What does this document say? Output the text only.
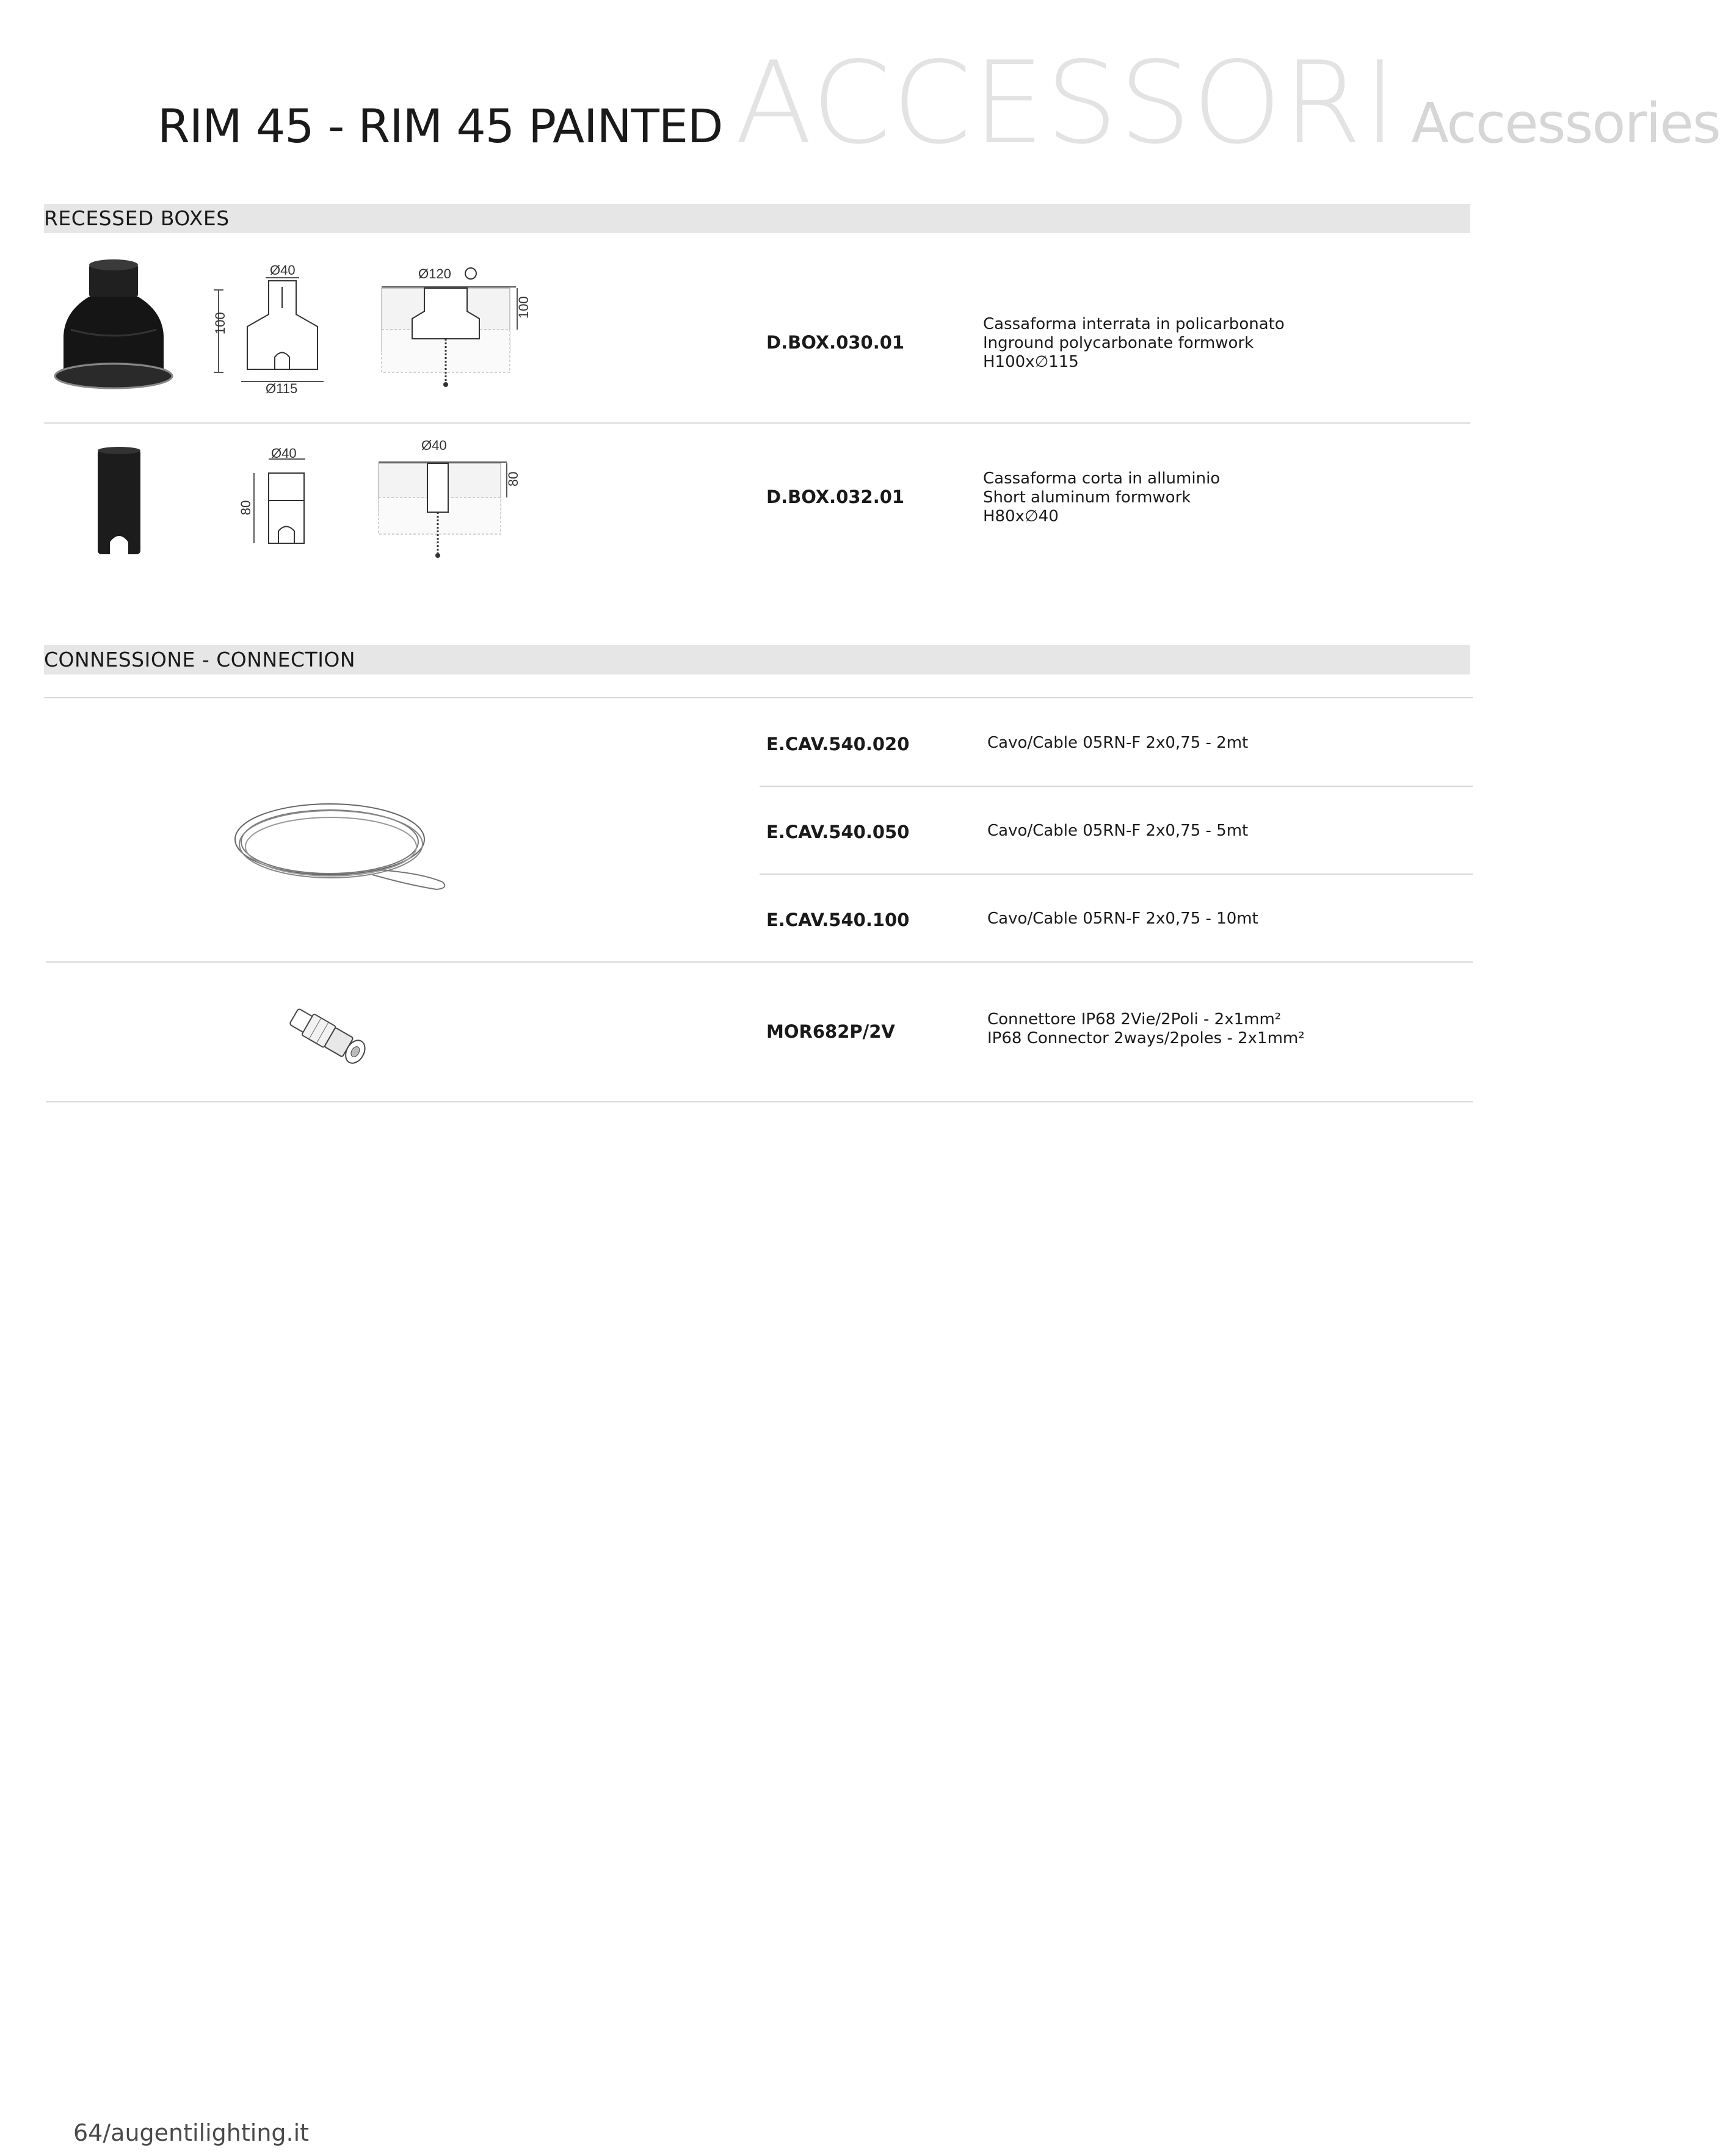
RIM 45 - RIM 45 PAINTED ACCESSORI Accessories
RECESSED BOXES
100
Ø40
Ø115
Ø120
100
D.BOX.030.01
Cassaforma interrata in policarbonato
Inground polycarbonate formwork
H100x∅115
Ø40
80
Ø40
80
D.BOX.032.01
Cassaforma corta in alluminio
Short aluminum formwork
H80x∅40
CONNESSIONE - CONNECTION
E.CAV.540.020	Cavo/Cable 05RN-F 2x0,75 - 2mt
E.CAV.540.050	Cavo/Cable 05RN-F 2x0,75 - 5mt
E.CAV.540.100	Cavo/Cable 05RN-F 2x0,75 - 10mt
MOR682P/2V
Connettore IP68 2Vie/2Poli - 2x1mm²
IP68 Connector 2ways/2poles - 2x1mm²
64/augentilighting.it
